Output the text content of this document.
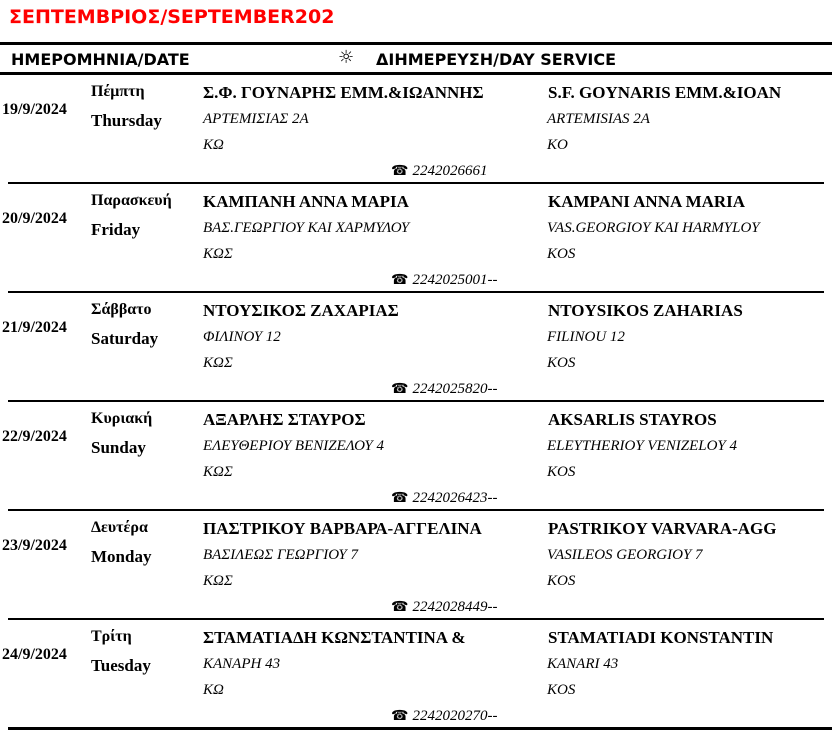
ΣΕΠΤΕΜΒΡΙΟΣ/SEPTEMBER202
ΗΜΕΡΟΜΗΝΙΑ/DATE	☼ ΔΙΗΜΕΡΕΥΣΗ/DAY SERVICE
19/9/2024
Πέμπτη
Thursday
Σ.Φ. ΓΟΥΝΑΡΗΣ ΕΜΜ.&ΙΩΑΝΝΗΣ
ΑΡΤΕΜΙΣΙΑΣ 2Α
ΚΩ
☎ 2242026661
S.F. GOYNARIS EMM.&IOAN
ARTEMISIAS 2A
KO
20/9/2024
Παρασκευή
Friday
ΚΑΜΠΑΝΗ ΑΝΝΑ ΜΑΡΙΑ
ΒΑΣ.ΓΕΩΡΓΙΟΥ ΚΑΙ ΧΑΡΜΥΛΟΥ
ΚΩΣ
☎ 2242025001--
KAMPANI ANNA MARIA
VAS.GEORGIOY KAI HARMYLOY
KOS
21/9/2024
Σάββατο
Saturday
ΝΤΟΥΣΙΚΟΣ ΖΑΧΑΡΙΑΣ
ΦΙΛΙΝΟΥ 12
ΚΩΣ
☎ 2242025820--
NTOYSIKOS ZAHARIAS
FILINOU 12
KOS
22/9/2024
Κυριακή
Sunday
ΑΞΑΡΛΗΣ ΣΤΑΥΡΟΣ
ΕΛΕΥΘΕΡΙΟΥ ΒΕΝΙΖΕΛΟΥ 4
ΚΩΣ
☎ 2242026423--
AKSARLIS STAYROS
ELEYTHERIOY VENIZELOY 4
KOS
23/9/2024
Δευτέρα
Monday
ΠΑΣΤΡΙΚΟΥ ΒΑΡΒΑΡΑ-ΑΓΓΕΛΙΝΑ
ΒΑΣΙΛΕΩΣ ΓΕΩΡΓΙΟΥ 7
ΚΩΣ
☎ 2242028449--
PASTRIKOY VARVARA-AGG
VASILEOS GEORGIOY 7
KOS
24/9/2024
Τρίτη
Tuesday
ΣΤΑΜΑΤΙΑΔΗ ΚΩΝΣΤΑΝΤΙΝΑ &
ΚΑΝΑΡΗ 43
ΚΩ
☎ 2242020270--
STAMATIADI KONSTANTIN
KANARI 43
KOS
